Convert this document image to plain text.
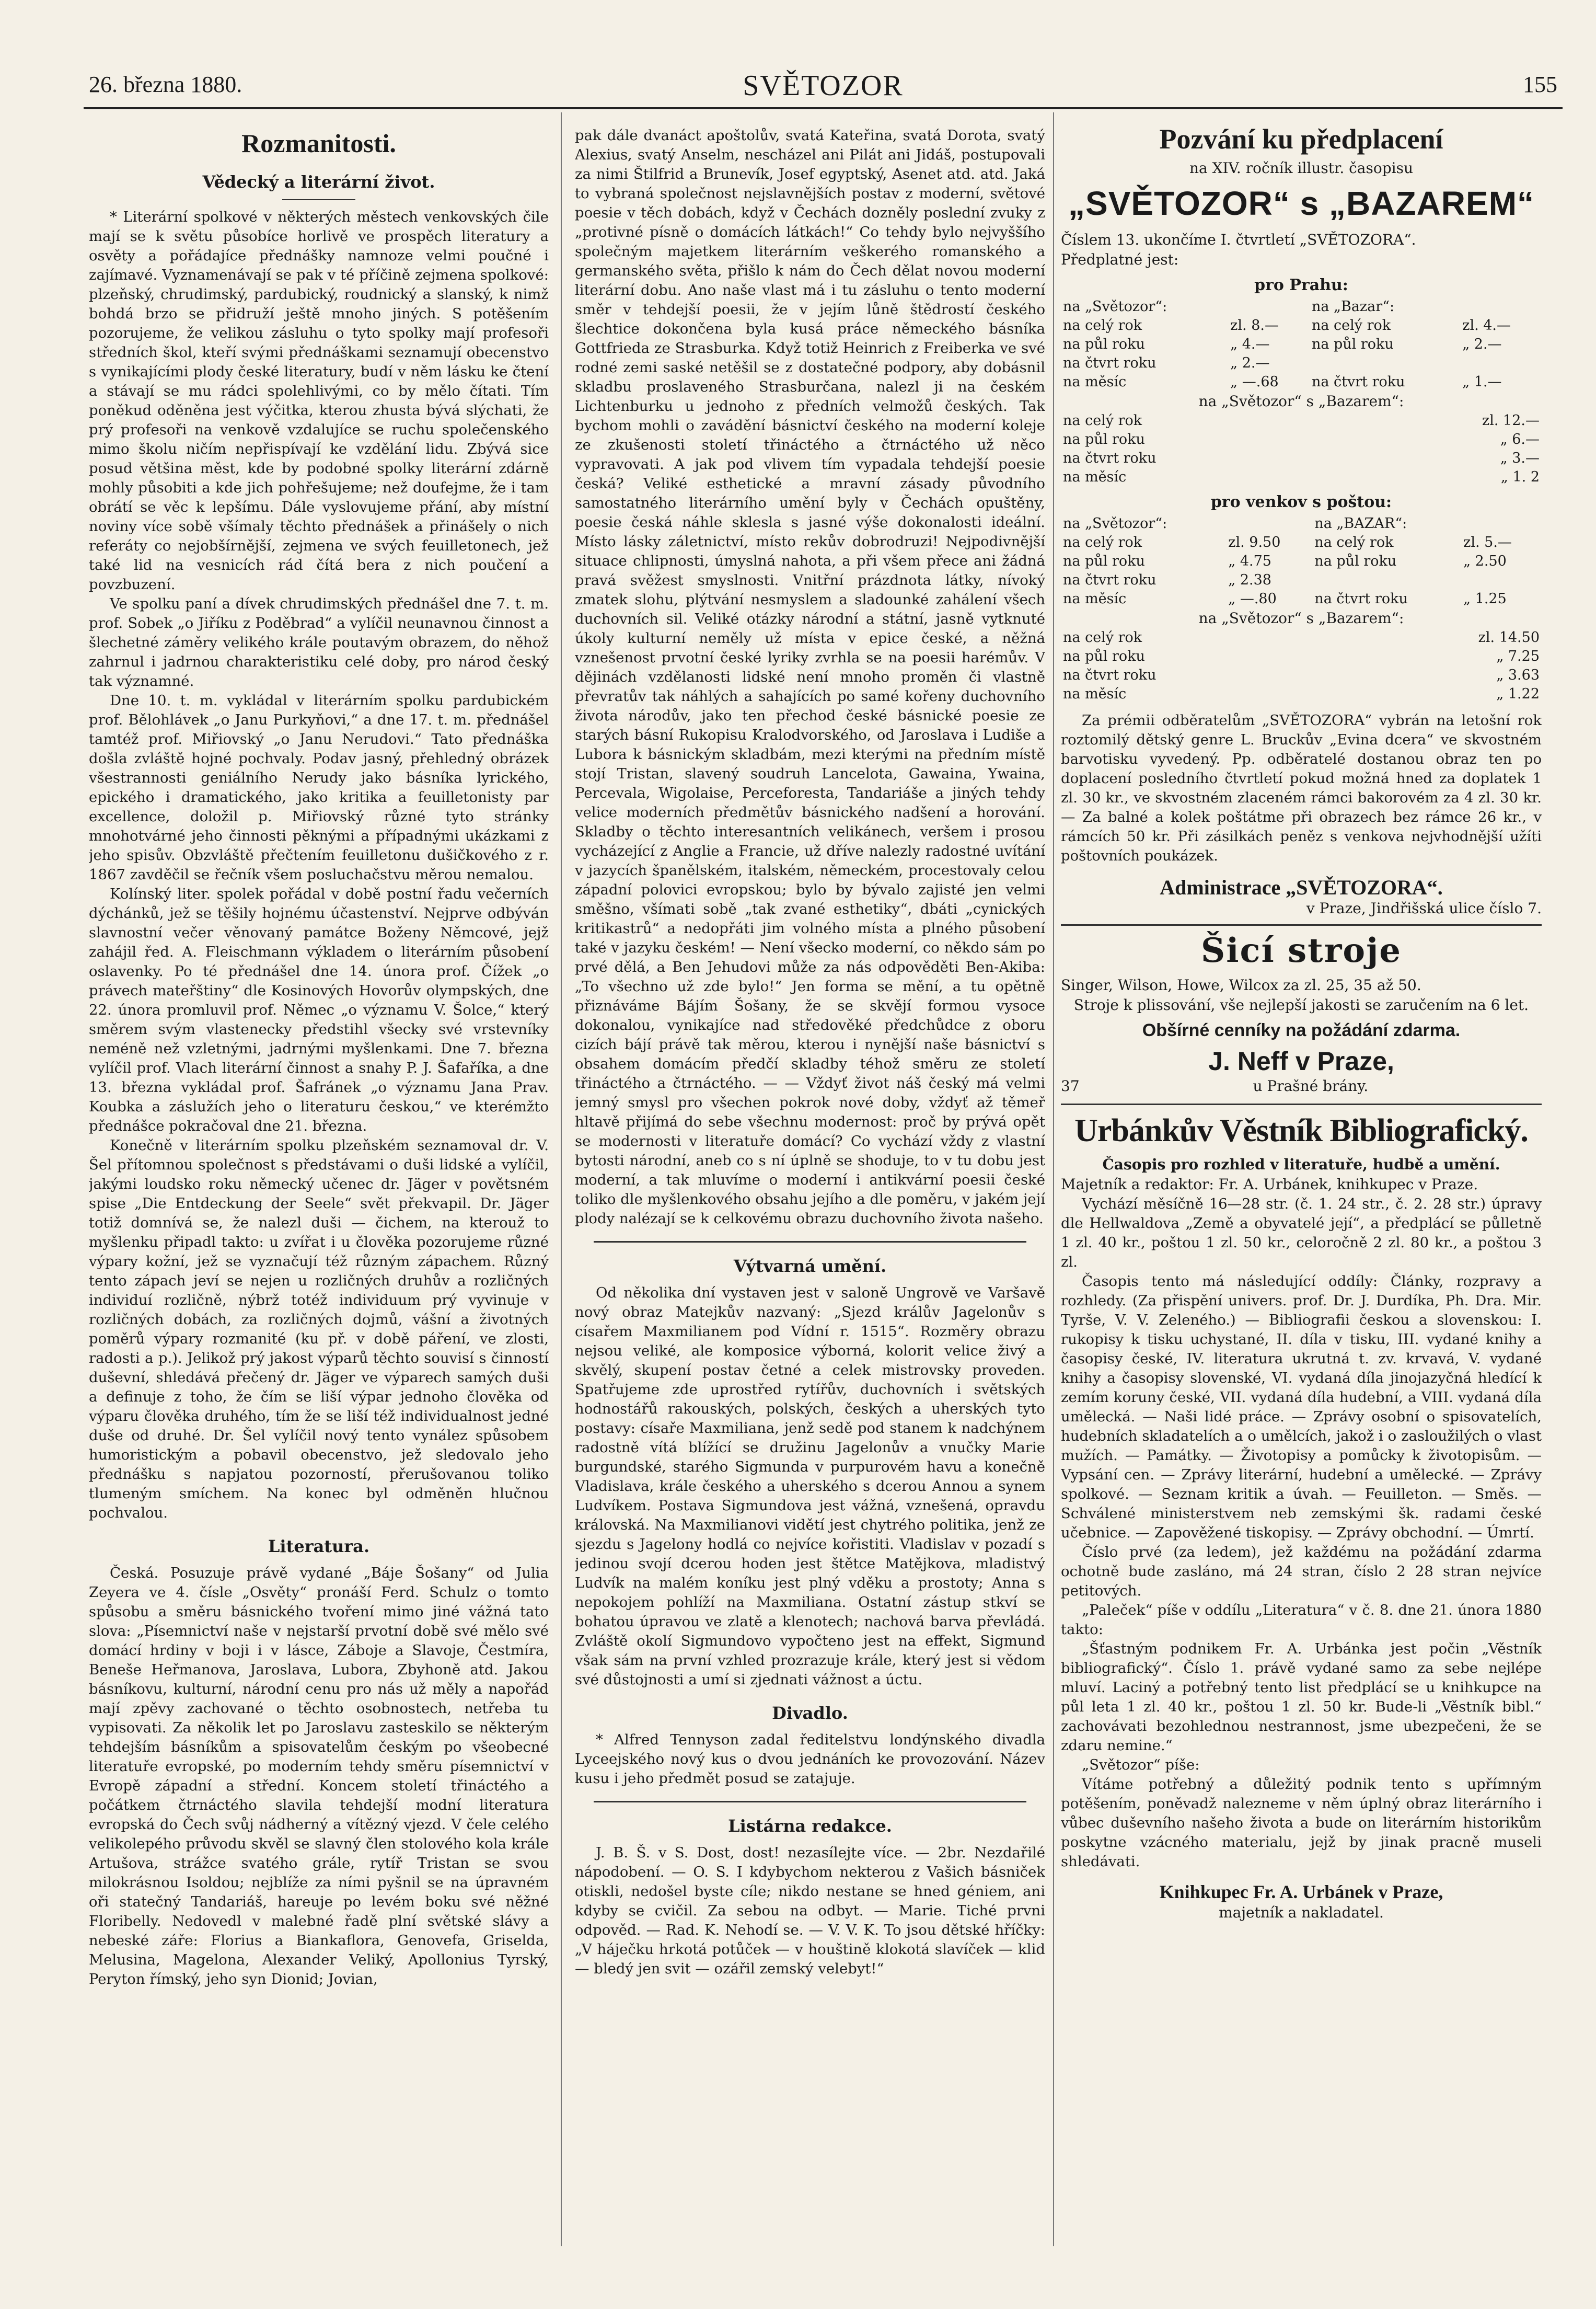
26. března 1880.	SVĚTOZOR	155
Rozmanitosti.
Vědecký a literární život.

* Literární spolkové v některých městech venkovských čile mají se k světu působíce horlivě ve prospěch literatury a osvěty a pořádajíce přednášky namnoze velmi poučné i zajímavé. Vyznamenávají se pak v té příčině zejmena spolkové: plzeňský, chrudimský, pardubický, roudnický a slanský, k nimž bohdá brzo se přidruží ještě mnoho jiných. S potěšením pozorujeme, že velikou zásluhu o tyto spolky mají profesoři středních škol, kteří svými přednáškami seznamují obecenstvo s vynikajícími plody české literatury, budí v něm lásku ke čtení a stávají se mu rádci spolehlivými, co by mělo čítati. Tím poněkud oděněna jest výčitka, kterou zhusta bývá slýchati, že prý profesoři na venkově vzdalujíce se ruchu společenského mimo školu ničím nepřispívají ke vzdělání lidu. Zbývá sice posud většina měst, kde by podobné spolky literární zdárně mohly působiti a kde jich pohřešujeme; než doufejme, že i tam obrátí se věc k lepšímu. Dále vyslovujeme přání, aby místní noviny více sobě všímaly těchto přednášek a přinášely o nich referáty co nejobšírnější, zejmena ve svých feuilletonech, jež také lid na vesnicích rád čítá bera z nich poučení a povzbuzení.

Ve spolku paní a dívek chrudimských přednášel dne 7. t. m. prof. Sobek „o Jiříku z Poděbrad“ a vylíčil neunavnou činnost a šlechetné záměry velikého krále poutavým obrazem, do něhož zahrnul i jadrnou charakteristiku celé doby, pro národ český tak významné.

Dne 10. t. m. vykládal v literárním spolku pardubickém prof. Bělohlávek „o Janu Purkyňovi,“ a dne 17. t. m. přednášel tamtéž prof. Miřiovský „o Janu Nerudovi.“ Tato přednáška došla zvláště hojné pochvaly. Podav jasný, přehledný obrázek všestrannosti geniálního Nerudy jako básníka lyrického, epického i dramatického, jako kritika a feuilletonisty par excellence, doložil p. Miřiovský různé tyto stránky mnohotvárné jeho činnosti pěknými a případnými ukázkami z jeho spisův. Obzvláště přečtením feuilletonu dušičkového z r. 1867 zavděčil se řečník všem posluchačstvu měrou nemalou.

Kolínský liter. spolek pořádal v době postní řadu večerních dýchánků, jež se těšily hojnému účastenství. Nejprve odbýván slavnostní večer věnovaný památce Boženy Němcové, jejž zahájil řed. A. Fleischmann výkladem o literárním působení oslavenky. Po té přednášel dne 14. února prof. Čížek „o právech mateřštiny“ dle Kosinových Hovorův olympských, dne 22. února promluvil prof. Němec „o významu V. Šolce,“ který směrem svým vlastenecky předstihl všecky své vrstevníky neméně než vzletnými, jadrnými myšlenkami. Dne 7. března vylíčil prof. Vlach literární činnost a snahy P. J. Šafaříka, a dne 13. března vykládal prof. Šafránek „o významu Jana Prav. Koubka a záslužích jeho o literaturu českou,“ ve kterémžto přednášce pokračoval dne 21. března.

Konečně v literárním spolku plzeňském seznamoval dr. V. Šel přítomnou společnost s předstávami o duši lidské a vylíčil, jakými loudsko roku německý učenec dr. Jäger v povětsném spise „Die Entdeckung der Seele“ svět překvapil. Dr. Jäger totiž domnívá se, že nalezl duši — čichem, na kterouž to myšlenku připadl takto: u zvířat i u člověka pozorujeme různé výpary kožní, jež se vyznačují též různým zápachem. Různý tento zápach jeví se nejen u rozličných druhův a rozličných individuí rozličně, nýbrž totéž individuum prý vyvinuje v rozličných dobách, za rozličných dojmů, vášní a životných poměrů výpary rozmanité (ku př. v době páření, ve zlosti, radosti a p.). Jelikož prý jakost výparů těchto souvisí s činností duševní, shledává přečený dr. Jäger ve výparech samých duši a definuje z toho, že čím se liší výpar jednoho člověka od výparu člověka druhého, tím že se liší též individualnost jedné duše od druhé. Dr. Šel vylíčil nový tento vynález spůsobem humoristickým a pobavil obecenstvo, jež sledovalo jeho přednášku s napjatou pozorností, přerušovanou toliko tlumeným smíchem. Na konec byl odměněn hlučnou pochvalou.

Literatura.

Česká. Posuzuje právě vydané „Báje Šošany“ od Julia Zeyera ve 4. čísle „Osvěty“ pronáší Ferd. Schulz o tomto spůsobu a směru básnického tvoření mimo jiné vážná tato slova: „Písemnictví naše v nejstarší prvotní době své mělo své domácí hrdiny v boji i v lásce, Záboje a Slavoje, Čestmíra, Beneše Heřmanova, Jaroslava, Lubora, Zbyhoně atd. Jakou básníkovu, kulturní, národní cenu pro nás už měly a napořád mají zpěvy zachované o těchto osobnostech, netřeba tu vypisovati. Za několik let po Jaroslavu zasteskilo se některým tehdejším básníkům a spisovatelům českým po všeobecné literatuře evropské, po moderním tehdy směru písemnictví v Evropě západní a střední. Koncem století třináctého a počátkem čtrnáctého slavila tehdejší modní literatura evropská do Čech svůj nádherný a vítězný vjezd. V čele celého velikolepého průvodu skvěl se slavný člen stolového kola krále Artušova, strážce svatého grále, rytíř Tristan se svou milokrásnou Isoldou; nejblíže za ními pyšnil se na úpravném oři statečný Tandariáš, hareuje po levém boku své něžné Floribelly. Nedovedl v malebné řadě plní světské slávy a nebeské záře: Florius a Biankaflora, Genovefa, Griselda, Melusina, Magelona, Alexander Veliký, Apollonius Tyrský, Peryton římský, jeho syn Dionid; Jovian,

pak dále dvanáct apoštolův, svatá Kateřina, svatá Dorota, svatý Alexius, svatý Anselm, nescházel ani Pilát ani Jidáš, postupovali za nimi Štilfrid a Brunevík, Josef egyptský, Asenet atd. atd. Jaká to vybraná společnost nejslavnějších postav z moderní, světové poesie v těch dobách, když v Čechách dozněly poslední zvuky z „protivné písně o domácích látkách!“ Co tehdy bylo nejvyššího společným majetkem literárním veškerého romanského a germanského světa, přišlo k nám do Čech dělat novou moderní literární dobu. Ano naše vlast má i tu zásluhu o tento moderní směr v tehdejší poesii, že v jejím lůně štědrostí českého šlechtice dokončena byla kusá práce německého básníka Gottfrieda ze Strasburka. Když totiž Heinrich z Freiberka ve své rodné zemi saské netěšil se z dostatečné podpory, aby dobásnil skladbu proslaveného Strasburčana, nalezl ji na českém Lichtenburku u jednoho z předních velmožů českých. Tak bychom mohli o zavádění básnictví českého na moderní koleje ze zkušenosti století třináctého a čtrnáctého už něco vypravovati. A jak pod vlivem tím vypadala tehdejší poesie česká? Veliké esthetické a mravní zásady původního samostatného literárního umění byly v Čechách opuštěny, poesie česká náhle sklesla s jasné výše dokonalosti ideální. Místo lásky záletnictví, místo rekův dobrodruzi! Nejpodivnější situace chlipnosti, úmyslná nahota, a při všem přece ani žádná pravá svěžest smyslnosti. Vnitřní prázdnota látky, nívoký zmatek slohu, plýtvání nesmyslem a sladounké zahálení všech duchovních sil. Veliké otázky národní a státní, jasně vytknuté úkoly kulturní neměly už místa v epice české, a něžná vznešenost prvotní české lyriky zvrhla se na poesii harémův. V dějinách vzdělanosti lidské není mnoho proměn či vlastně převratův tak náhlých a sahajících po samé kořeny duchovního života národův, jako ten přechod české básnické poesie ze starých básní Rukopisu Kralodvorského, od Jaroslava i Ludiše a Lubora k básnickým skladbám, mezi kterými na předním místě stojí Tristan, slavený soudruh Lancelota, Gawaina, Ywaina, Percevala, Wigolaise, Perceforesta, Tandariáše a jiných tehdy velice moderních předmětův básnického nadšení a horování. Skladby o těchto interesantních velikánech, veršem i prosou vycházející z Anglie a Francie, už dříve nalezly radostné uvítání v jazycích španělském, italském, německém, procestovaly celou západní polovici evropskou; bylo by bývalo zajisté jen velmi směšno, všímati sobě „tak zvané esthetiky“, dbáti „cynických kritikastrů“ a nedopřáti jim volného místa a plného působení také v jazyku českém! — Není všecko moderní, co někdo sám po prvé dělá, a Ben Jehudovi může za nás odpověděti Ben-Akiba: „To všechno už zde bylo!“ Jen forma se mění, a tu opětně přiznáváme Bájím Šošany, že se skvějí formou vysoce dokonalou, vynikajíce nad středověké předchůdce z oboru cizích bájí právě tak měrou, kterou i nynější naše básnictví s obsahem domácím předčí skladby téhož směru ze století třináctého a čtrnáctého. — — Vždyť život náš český má velmi jemný smysl pro všechen pokrok nové doby, vždyť až těmeř hltavě přijímá do sebe všechnu modernost: proč by prývá opět se modernosti v literatuře domácí? Co vychází vždy z vlastní bytosti národní, aneb co s ní úplně se shoduje, to v tu dobu jest moderní, a tak mluvíme o moderní i antikvární poesii české toliko dle myšlenkového obsahu jejího a dle poměru, v jakém její plody nalézají se k celkovému obrazu duchovního života našeho.

Výtvarná umění.

Od několika dní vystaven jest v saloně Ungrově ve Varšavě nový obraz Matejkův nazvaný: „Sjezd králův Jagelonův s císařem Maxmilianem pod Vídní r. 1515“. Rozměry obrazu nejsou veliké, ale komposice výborná, kolorit velice živý a skvělý, skupení postav četné a celek mistrovsky proveden. Spatřujeme zde uprostřed rytířův, duchovních i světských hodnostářů rakouských, polských, českých a uherských tyto postavy: císaře Maxmiliana, jenž sedě pod stanem k nadchýnem radostně vítá blížící se družinu Jagelonův a vnučky Marie burgundské, starého Sigmunda v purpurovém havu a konečně Vladislava, krále českého a uherského s dcerou Annou a synem Ludvíkem. Postava Sigmundova jest vážná, vznešená, opravdu královská. Na Maxmilianovi vidětí jest chytrého politika, jenž ze sjezdu s Jagelony hodlá co nejvíce kořistiti. Vladislav v pozadí s jedinou svojí dcerou hoden jest štětce Matějkova, mladistvý Ludvík na malém koníku jest plný vděku a prostoty; Anna s nepokojem pohlíží na Maxmiliana. Ostatní zástup stkví se bohatou úpravou ve zlatě a klenotech; nachová barva převládá. Zvláště okolí Sigmundovo vypočteno jest na effekt, Sigmund však sám na první vzhled prozrazuje krále, který jest si vědom své důstojnosti a umí si zjednati vážnost a úctu.

Divadlo.

* Alfred Tennyson zadal ředitelstvu londýnského divadla Lyceejského nový kus o dvou jednáních ke provozování. Název kusu i jeho předmět posud se zatajuje.

Listárna redakce.

J. B. Š. v S. Dost, dost! nezasílejte více. — 2br. Nezdařilé nápodobení. — O. S. I kdybychom nekterou z Vašich básniček otiskli, nedošel byste cíle; nikdo nestane se hned géniem, ani kdyby se cvičil. Za sebou na odbyt. — Marie. Tiché prvni odpověd. — Rad. K. Nehodí se. — V. V. K. To jsou dětské hříčky: „V háječku hrkotá potůček — v houštině klokotá slavíček — klid — bledý jen svit — ozářil zemský velebyt!“

Pozvání ku předplacení
na XIV. ročník illustr. časopisu
„SVĚTOZOR“ s „BAZAREM“
Číslem 13. ukončíme I. čtvrtletí „SVĚTOZORA“.
Předplatné jest:
pro Prahu:
na „Světozor“:		na „Bazar“:	
na celý rok	zl. 8.—	na celý rok	zl. 4.—
na půl roku	„ 4.—	na půl roku	„ 2.—
na čtvrt roku	„ 2.—		
na měsíc	„ —.68	na čtvrt roku	„ 1.—
na „Světozor“ s „Bazarem“:
na celý rok	zl. 12.—
na půl roku	„ 6.—
na čtvrt roku	„ 3.—
na měsíc	„ 1. 2
pro venkov s poštou:
na „Světozor“:		na „BAZAR“:	
na celý rok	zl. 9.50	na celý rok	zl. 5.—
na půl roku	„ 4.75	na půl roku	„ 2.50
na čtvrt roku	„ 2.38		
na měsíc	„ —.80	na čtvrt roku	„ 1.25
na „Světozor“ s „Bazarem“:
na celý rok	zl. 14.50
na půl roku	„ 7.25
na čtvrt roku	„ 3.63
na měsíc	„ 1.22

Za prémii odběratelům „SVĚTOZORA“ vybrán na letošní rok roztomilý dětský genre L. Bruckův „Evina dcera“ ve skvostném barvotisku vyvedený. Pp. odběratelé dostanou obraz ten po doplacení posledního čtvrtletí pokud možná hned za doplatek 1 zl. 30 kr., ve skvostném zlaceném rámci bakorovém za 4 zl. 30 kr. — Za balné a kolek poštátme při obrazech bez rámce 26 kr., v rámcích 50 kr. Při zásilkách peněz s venkova nejvhodnější užíti poštovních poukázek.

Administrace „SVĚTOZORA“.
v Praze, Jindřišská ulice číslo 7.
Šicí stroje
Singer, Wilson, Howe, Wilcox za zl. 25, 35 až 50.
Stroje k plissování, vše nejlepší jakosti se zaručením na 6 let.
Obšírné cenníky na požádání zdarma.
J. Neff v Praze,
37	u Prašné brány.
Urbánkův Věstník Bibliografický.
Časopis pro rozhled v literatuře, hudbě a umění.
Majetník a redaktor: Fr. A. Urbánek, knihkupec v Praze.

Vychází měsíčně 16—28 str. (č. 1. 24 str., č. 2. 28 str.) úpravy dle Hellwaldova „Země a obyvatelé její“, a předplácí se půlletně 1 zl. 40 kr., poštou 1 zl. 50 kr., celoročně 2 zl. 80 kr., a poštou 3 zl.

Časopis tento má následující oddíly: Články, rozpravy a rozhledy. (Za přispění univers. prof. Dr. J. Durdíka, Ph. Dra. Mir. Tyrše, V. V. Zeleného.) — Bibliografii českou a slovenskou: I. rukopisy k tisku uchystané, II. díla v tisku, III. vydané knihy a časopisy české, IV. literatura ukrutná t. zv. krvavá, V. vydané knihy a časopisy slovenské, VI. vydaná díla jinojazyčná hledící k zemím koruny české, VII. vydaná díla hudební, a VIII. vydaná díla umělecká. — Naši lidé práce. — Zprávy osobní o spisovatelích, hudebních skladatelích a o umělcích, jakož i o zasloužilých o vlast mužích. — Památky. — Životopisy a pomůcky k životopisům. — Vypsání cen. — Zprávy literární, hudební a umělecké. — Zprávy spolkové. — Seznam kritik a úvah. — Feuilleton. — Směs. — Schválené ministerstvem neb zemskými šk. radami české učebnice. — Zapověžené tiskopisy. — Zprávy obchodní. — Úmrtí.

Číslo prvé (za ledem), jež každému na požádání zdarma ochotně bude zasláno, má 24 stran, číslo 2 28 stran nejvíce petitových.

„Paleček“ píše v oddílu „Literatura“ v č. 8. dne 21. února 1880 takto:

„Šťastným podnikem Fr. A. Urbánka jest počin „Věstník bibliografický“. Číslo 1. právě vydané samo za sebe nejlépe mluví. Laciný a potřebný tento list předplácí se u knihkupce na půl leta 1 zl. 40 kr., poštou 1 zl. 50 kr. Bude-li „Věstník bibl.“ zachovávati bezohlednou nestrannost, jsme ubezpečeni, že se zdaru nemine.“

„Světozor“ píše:

Vítáme potřebný a důležitý podnik tento s upřímným potěšením, poněvadž nalezneme v něm úplný obraz literárního i vůbec duševního našeho života a bude on literárním historikům poskytne vzácného materialu, jejž by jinak pracně museli shledávati.

Knihkupec Fr. A. Urbánek v Praze,
majetník a nakladatel.
